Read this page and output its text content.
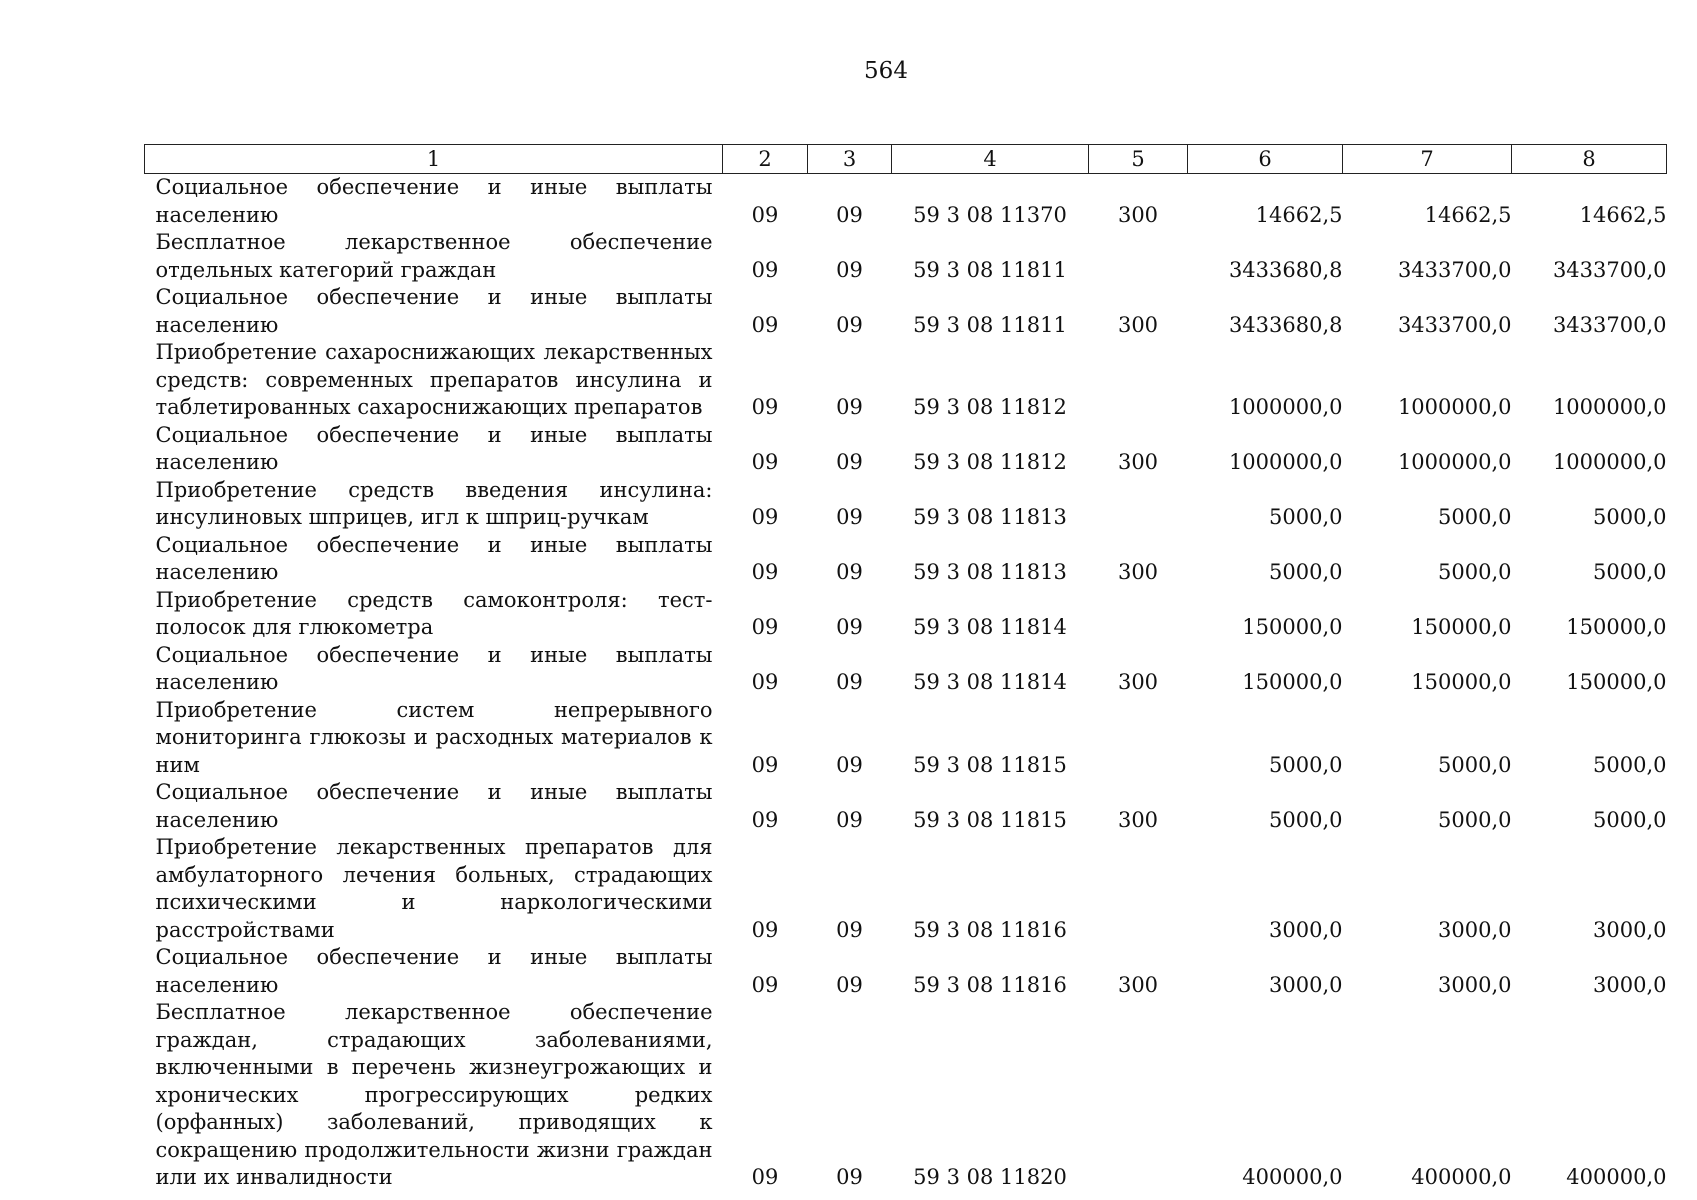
564
1	2	3	4	5	6	7	8
Социальное обеспечение и иные выплаты населению	09	09	59 3 08 11370	300	14662,5	14662,5	14662,5
Бесплатное лекарственное обеспечение отдельных категорий граждан	09	09	59 3 08 11811		3433680,8	3433700,0	3433700,0
Социальное обеспечение и иные выплаты населению	09	09	59 3 08 11811	300	3433680,8	3433700,0	3433700,0
Приобретение сахароснижающих лекарственных средств: современных препаратов инсулина и таблетированных сахароснижающих препаратов	09	09	59 3 08 11812		1000000,0	1000000,0	1000000,0
Социальное обеспечение и иные выплаты населению	09	09	59 3 08 11812	300	1000000,0	1000000,0	1000000,0
Приобретение средств введения инсулина: инсулиновых шприцев, игл к шприц-ручкам	09	09	59 3 08 11813		5000,0	5000,0	5000,0
Социальное обеспечение и иные выплаты населению	09	09	59 3 08 11813	300	5000,0	5000,0	5000,0
Приобретение средств самоконтроля: тест-полосок для глюкометра	09	09	59 3 08 11814		150000,0	150000,0	150000,0
Социальное обеспечение и иные выплаты населению	09	09	59 3 08 11814	300	150000,0	150000,0	150000,0
Приобретение систем непрерывного мониторинга глюкозы и расходных материалов к ним	09	09	59 3 08 11815		5000,0	5000,0	5000,0
Социальное обеспечение и иные выплаты населению	09	09	59 3 08 11815	300	5000,0	5000,0	5000,0
Приобретение лекарственных препаратов для амбулаторного лечения больных, страдающих психическими и наркологическими расстройствами	09	09	59 3 08 11816		3000,0	3000,0	3000,0
Социальное обеспечение и иные выплаты населению	09	09	59 3 08 11816	300	3000,0	3000,0	3000,0
Бесплатное лекарственное обеспечение граждан, страдающих заболеваниями, включенными в перечень жизнеугрожающих и хронических прогрессирующих редких (орфанных) заболеваний, приводящих к сокращению продолжительности жизни граждан или их инвалидности	09	09	59 3 08 11820		400000,0	400000,0	400000,0
